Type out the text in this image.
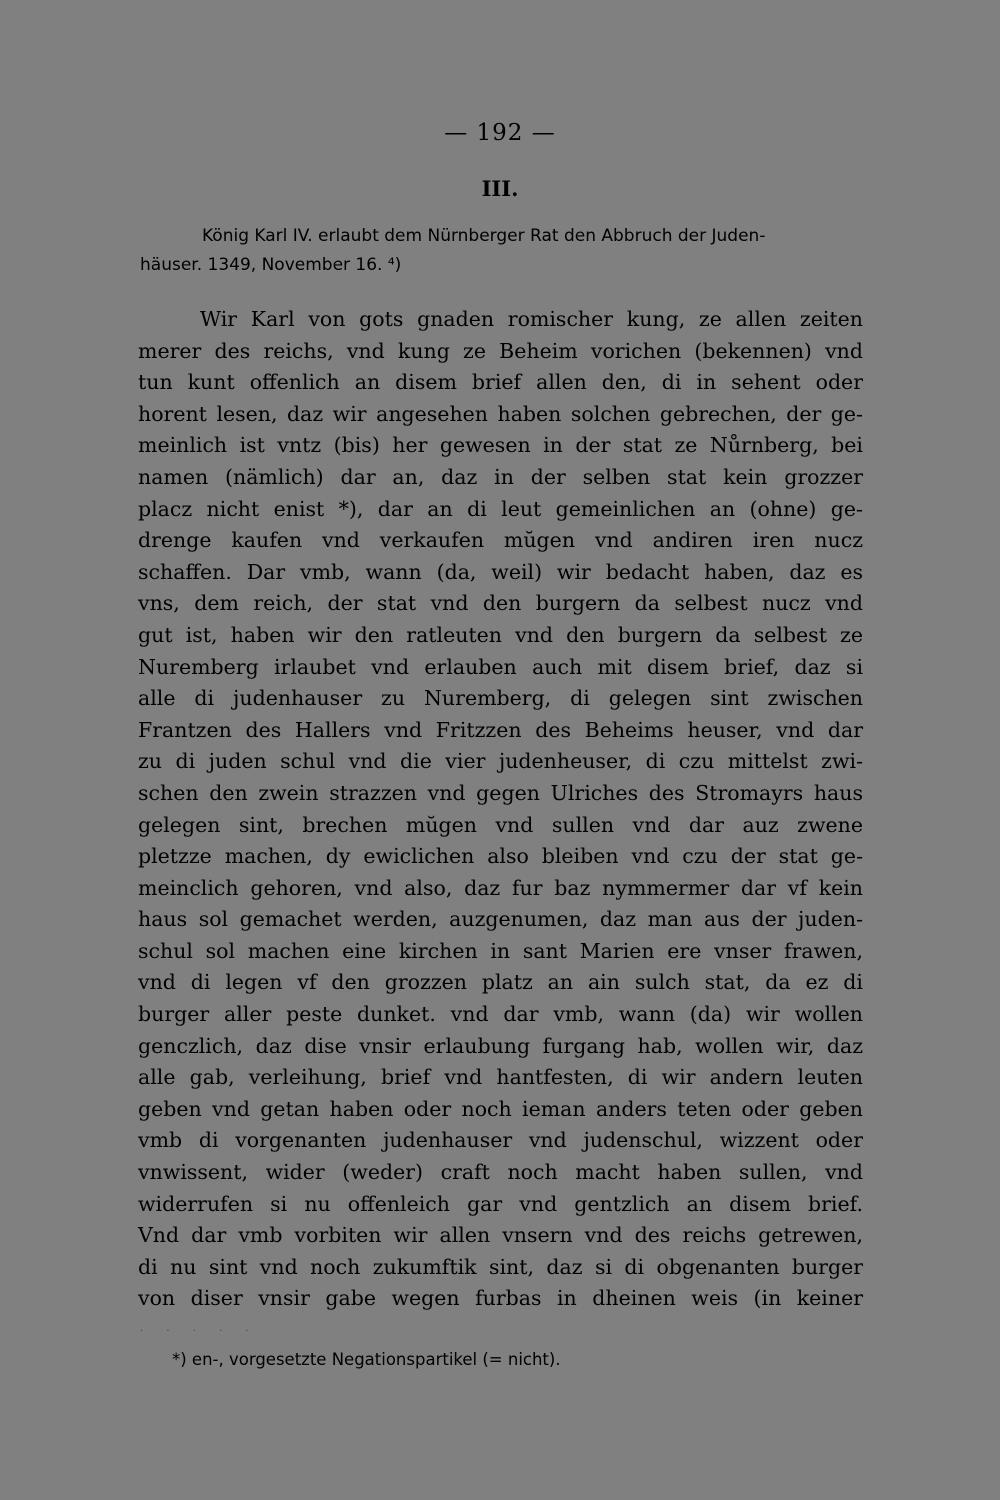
— 192 —
III.
König Karl IV. erlaubt dem Nürnberger Rat den Abbruch der Juden-
häuser. 1349, November 16. ⁴)
Wir Karl von gots gnaden romischer kung, ze allen zeiten
merer des reichs, vnd kung ze Beheim vorichen (bekennen) vnd
tun kunt offenlich an disem brief allen den, di in sehent oder
horent lesen, daz wir angesehen haben solchen gebrechen, der ge-
meinlich ist vntz (bis) her gewesen in der stat ze Nůrnberg, bei
namen (nämlich) dar an, daz in der selben stat kein grozzer
placz nicht enist *), dar an di leut gemeinlichen an (ohne) ge-
drenge kaufen vnd verkaufen mŭgen vnd andiren iren nucz
schaffen. Dar vmb, wann (da, weil) wir bedacht haben, daz es
vns, dem reich, der stat vnd den burgern da selbest nucz vnd
gut ist, haben wir den ratleuten vnd den burgern da selbest ze
Nuremberg irlaubet vnd erlauben auch mit disem brief, daz si
alle di judenhauser zu Nuremberg, di gelegen sint zwischen
Frantzen des Hallers vnd Fritzzen des Beheims heuser, vnd dar
zu di juden schul vnd die vier judenheuser, di czu mittelst zwi-
schen den zwein strazzen vnd gegen Ulriches des Stromayrs haus
gelegen sint, brechen mŭgen vnd sullen vnd dar auz zwene
pletzze machen, dy ewiclichen also bleiben vnd czu der stat ge-
meinclich gehoren, vnd also, daz fur baz nymmermer dar vf kein
haus sol gemachet werden, auzgenumen, daz man aus der juden-
schul sol machen eine kirchen in sant Marien ere vnser frawen,
vnd di legen vf den grozzen platz an ain sulch stat, da ez di
burger aller peste dunket. vnd dar vmb, wann (da) wir wollen
genczlich, daz dise vnsir erlaubung furgang hab, wollen wir, daz
alle gab, verleihung, brief vnd hantfesten, di wir andern leuten
geben vnd getan haben oder noch ieman anders teten oder geben
vmb di vorgenanten judenhauser vnd judenschul, wizzent oder
vnwissent, wider (weder) craft noch macht haben sullen, vnd
widerrufen si nu offenleich gar vnd gentzlich an disem brief.
Vnd dar vmb vorbiten wir allen vnsern vnd des reichs getrewen,
di nu sint vnd noch zukumftik sint, daz si di obgenanten burger
von diser vnsir gabe wegen furbas in dheinen weis (in keiner
· · · · ·
*) en-, vorgesetzte Negationspartikel (= nicht).
